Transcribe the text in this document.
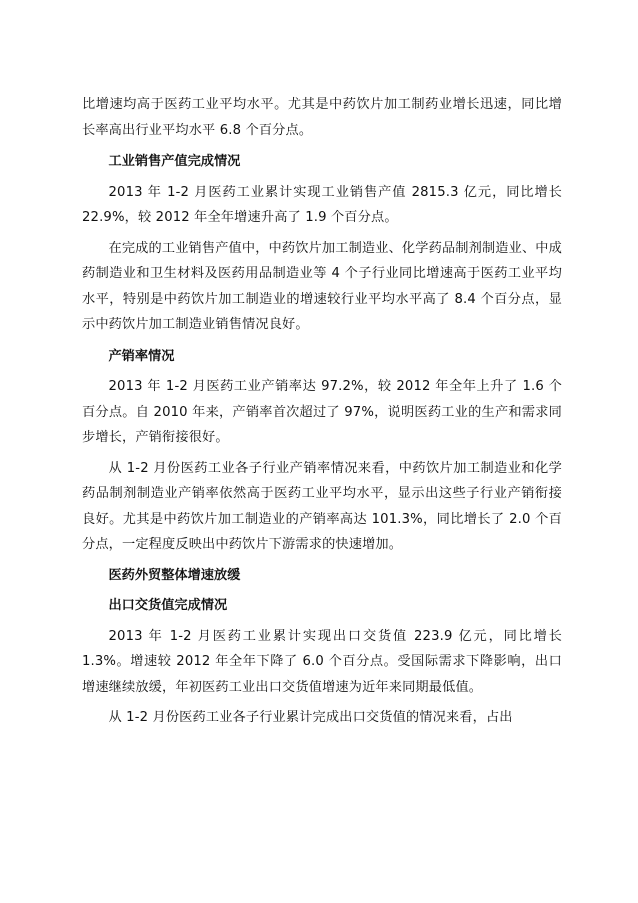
比增速均高于医药工业平均水平。尤其是中药饮片加工制药业增长迅速，同比增长率高出行业平均水平 6.8 个百分点。

工业销售产值完成情况

2013 年 1-2 月医药工业累计实现工业销售产值 2815.3 亿元，同比增长 22.9%，较 2012 年全年增速升高了 1.9 个百分点。

在完成的工业销售产值中，中药饮片加工制造业、化学药品制剂制造业、中成药制造业和卫生材料及医药用品制造业等 4 个子行业同比增速高于医药工业平均水平，特别是中药饮片加工制造业的增速较行业平均水平高了 8.4 个百分点，显示中药饮片加工制造业销售情况良好。

产销率情况

2013 年 1-2 月医药工业产销率达 97.2%，较 2012 年全年上升了 1.6 个百分点。自 2010 年来，产销率首次超过了 97%，说明医药工业的生产和需求同步增长，产销衔接很好。

从 1-2 月份医药工业各子行业产销率情况来看，中药饮片加工制造业和化学药品制剂制造业产销率依然高于医药工业平均水平，显示出这些子行业产销衔接良好。尤其是中药饮片加工制造业的产销率高达 101.3%，同比增长了 2.0 个百分点，一定程度反映出中药饮片下游需求的快速增加。

医药外贸整体增速放缓

出口交货值完成情况

2013 年 1-2 月医药工业累计实现出口交货值 223.9 亿元，同比增长 1.3%。增速较 2012 年全年下降了 6.0 个百分点。受国际需求下降影响，出口增速继续放缓，年初医药工业出口交货值增速为近年来同期最低值。

从 1-2 月份医药工业各子行业累计完成出口交货值的情况来看，占出
